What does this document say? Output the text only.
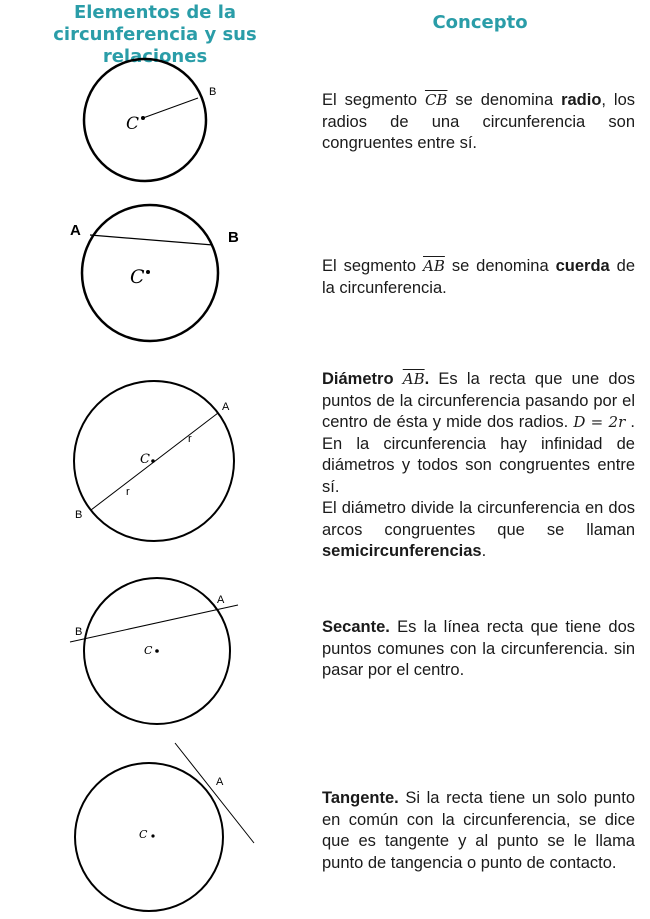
Elementos de la circunferencia y sus relaciones
Concepto
C
B
C
A	B
C
A
B
r
r
C
A
B
C
A

El segmento $\overline{CB}$ se denomina radio, los radios de una circunferencia son congruentes entre sí.

El segmento $\overline{AB}$ se denomina cuerda de la circunferencia.

Diámetro $\overline{AB}$. Es la recta que une dos puntos de la circunferencia pasando por el centro de ésta y mide dos radios. D = 2r . En la circunferencia hay infinidad de diámetros y todos son congruentes entre sí.

El diámetro divide la circunferencia en dos arcos congruentes que se llaman semicircunferencias.

Secante. Es la línea recta que tiene dos puntos comunes con la circunferencia. sin pasar por el centro.

Tangente. Si la recta tiene un solo punto en común con la circunferencia, se dice que es tangente y al punto se le llama punto de tangencia o punto de contacto.
